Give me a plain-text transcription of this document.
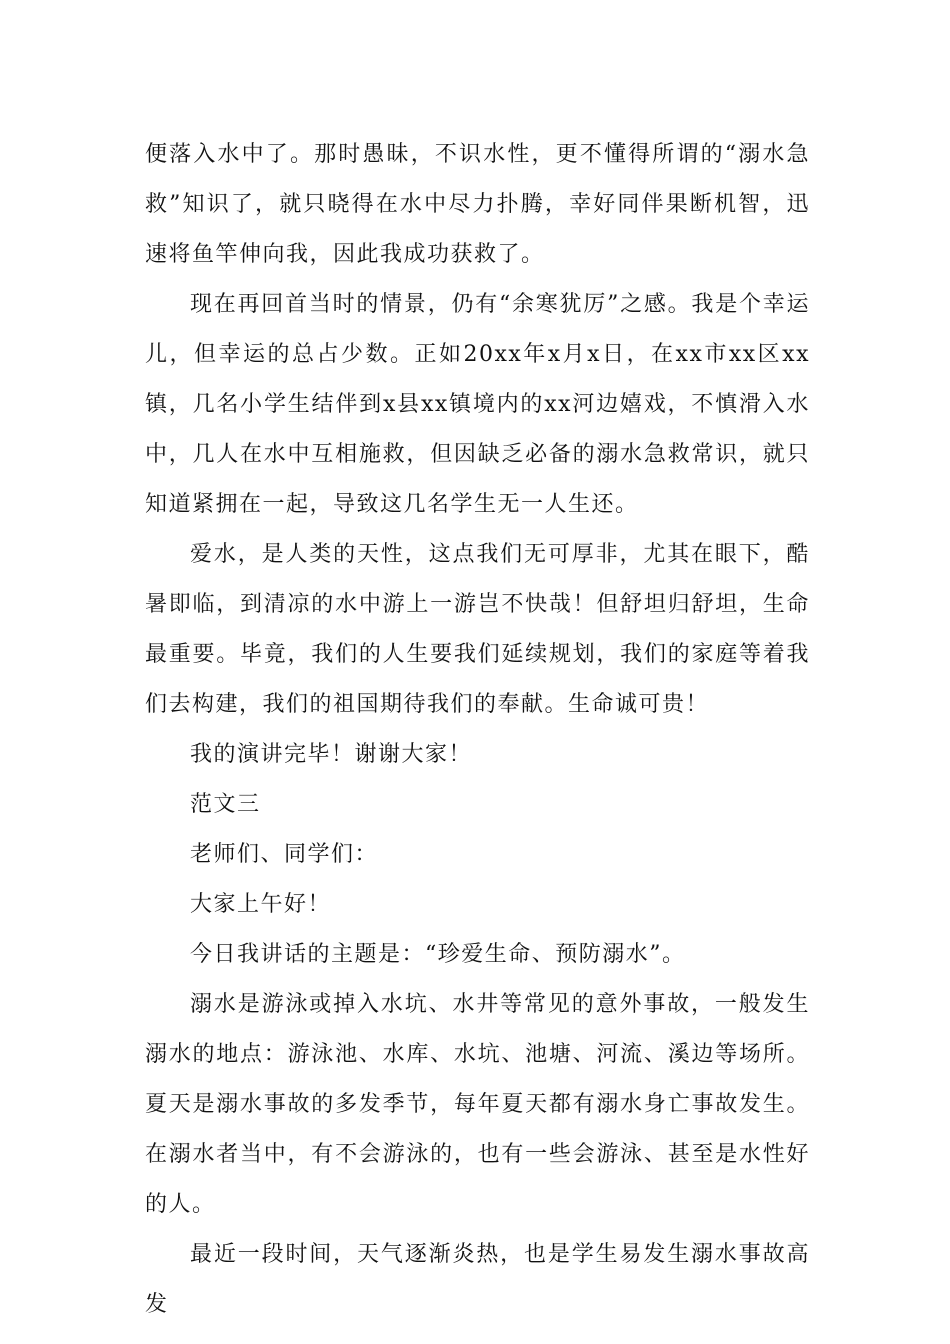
便落入水中了。那时愚昧，不识水性，更不懂得所谓的“溺水急救”知识了，就只晓得在水中尽力扑腾，幸好同伴果断机智，迅速将鱼竿伸向我，因此我成功获救了。

现在再回首当时的情景，仍有“余寒犹厉”之感。我是个幸运儿，但幸运的总占少数。正如20xx年x月x日，在xx市xx区xx镇，几名小学生结伴到x县xx镇境内的xx河边嬉戏，不慎滑入水中，几人在水中互相施救，但因缺乏必备的溺水急救常识，就只知道紧拥在一起，导致这几名学生无一人生还。

爱水，是人类的天性，这点我们无可厚非，尤其在眼下，酷暑即临，到清凉的水中游上一游岂不快哉！但舒坦归舒坦，生命最重要。毕竟，我们的人生要我们延续规划，我们的家庭等着我们去构建，我们的祖国期待我们的奉献。生命诚可贵！

我的演讲完毕！谢谢大家！

范文三

老师们、同学们：

大家上午好！

今日我讲话的主题是：“珍爱生命、预防溺水”。

溺水是游泳或掉入水坑、水井等常见的意外事故，一般发生溺水的地点：游泳池、水库、水坑、池塘、河流、溪边等场所。夏天是溺水事故的多发季节，每年夏天都有溺水身亡事故发生。在溺水者当中，有不会游泳的，也有一些会游泳、甚至是水性好的人。

最近一段时间，天气逐渐炎热，也是学生易发生溺水事故高发
